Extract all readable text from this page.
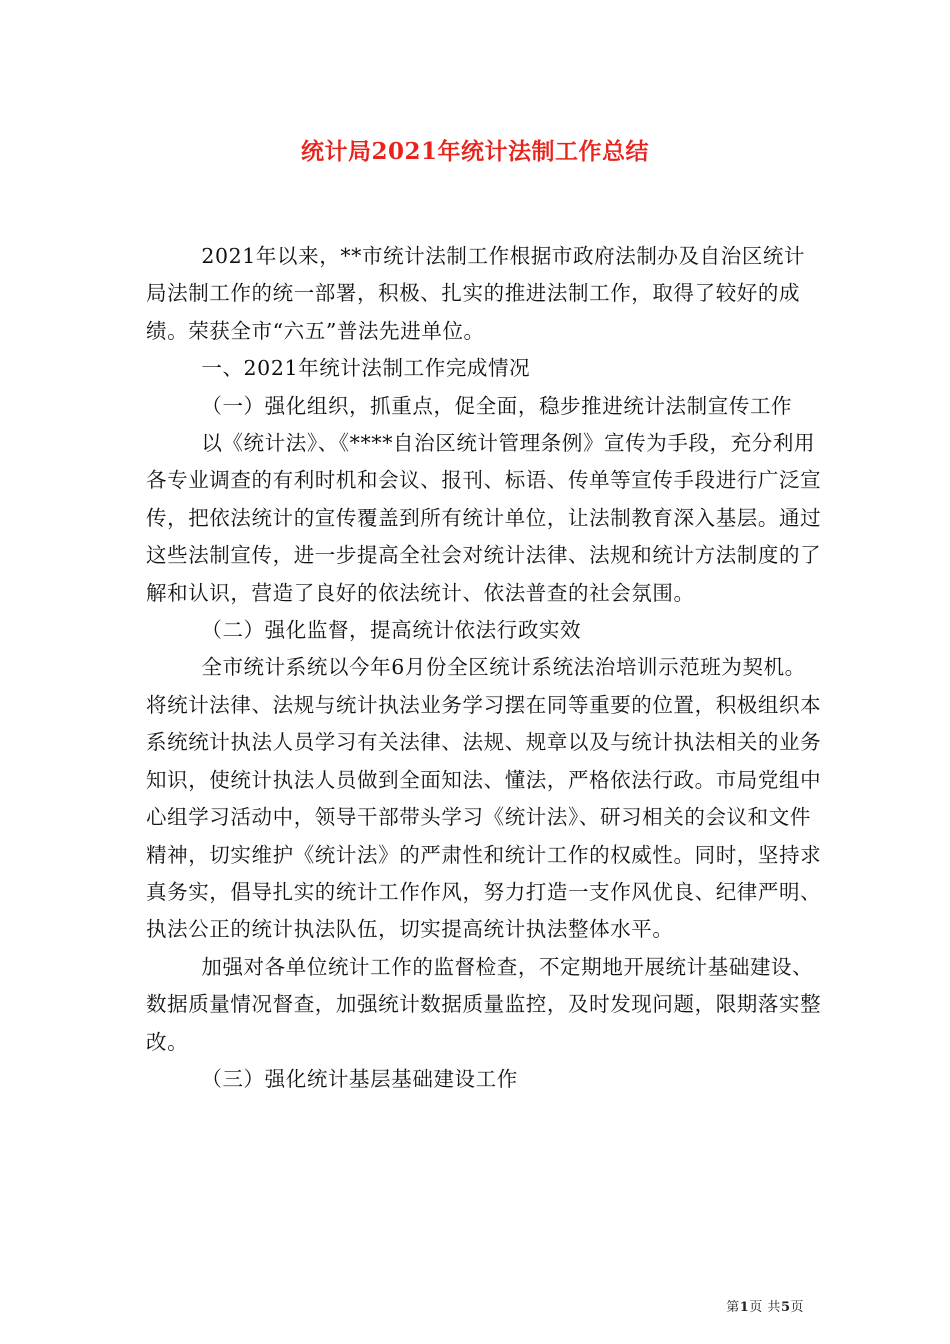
统计局2021年统计法制工作总结

2021年以来，**市统计法制工作根据市政府法制办及自治区统计局法制工作的统一部署，积极、扎实的推进法制工作，取得了较好的成绩。荣获全市“六五”普法先进单位。

一、2021年统计法制工作完成情况

（一）强化组织，抓重点，促全面，稳步推进统计法制宣传工作

以《统计法》、《****自治区统计管理条例》宣传为手段，充分利用各专业调查的有利时机和会议、报刊、标语、传单等宣传手段进行广泛宣传，把依法统计的宣传覆盖到所有统计单位，让法制教育深入基层。通过这些法制宣传，进一步提高全社会对统计法律、法规和统计方法制度的了解和认识，营造了良好的依法统计、依法普查的社会氛围。

（二）强化监督，提高统计依法行政实效

全市统计系统以今年6月份全区统计系统法治培训示范班为契机。将统计法律、法规与统计执法业务学习摆在同等重要的位置，积极组织本系统统计执法人员学习有关法律、法规、规章以及与统计执法相关的业务知识，使统计执法人员做到全面知法、懂法，严格依法行政。市局党组中心组学习活动中，领导干部带头学习《统计法》、研习相关的会议和文件精神，切实维护《统计法》的严肃性和统计工作的权威性。同时，坚持求真务实，倡导扎实的统计工作作风，努力打造一支作风优良、纪律严明、执法公正的统计执法队伍，切实提高统计执法整体水平。

加强对各单位统计工作的监督检查，不定期地开展统计基础建设、数据质量情况督查，加强统计数据质量监控，及时发现问题，限期落实整改。

（三）强化统计基层基础建设工作

第1页 共5页
